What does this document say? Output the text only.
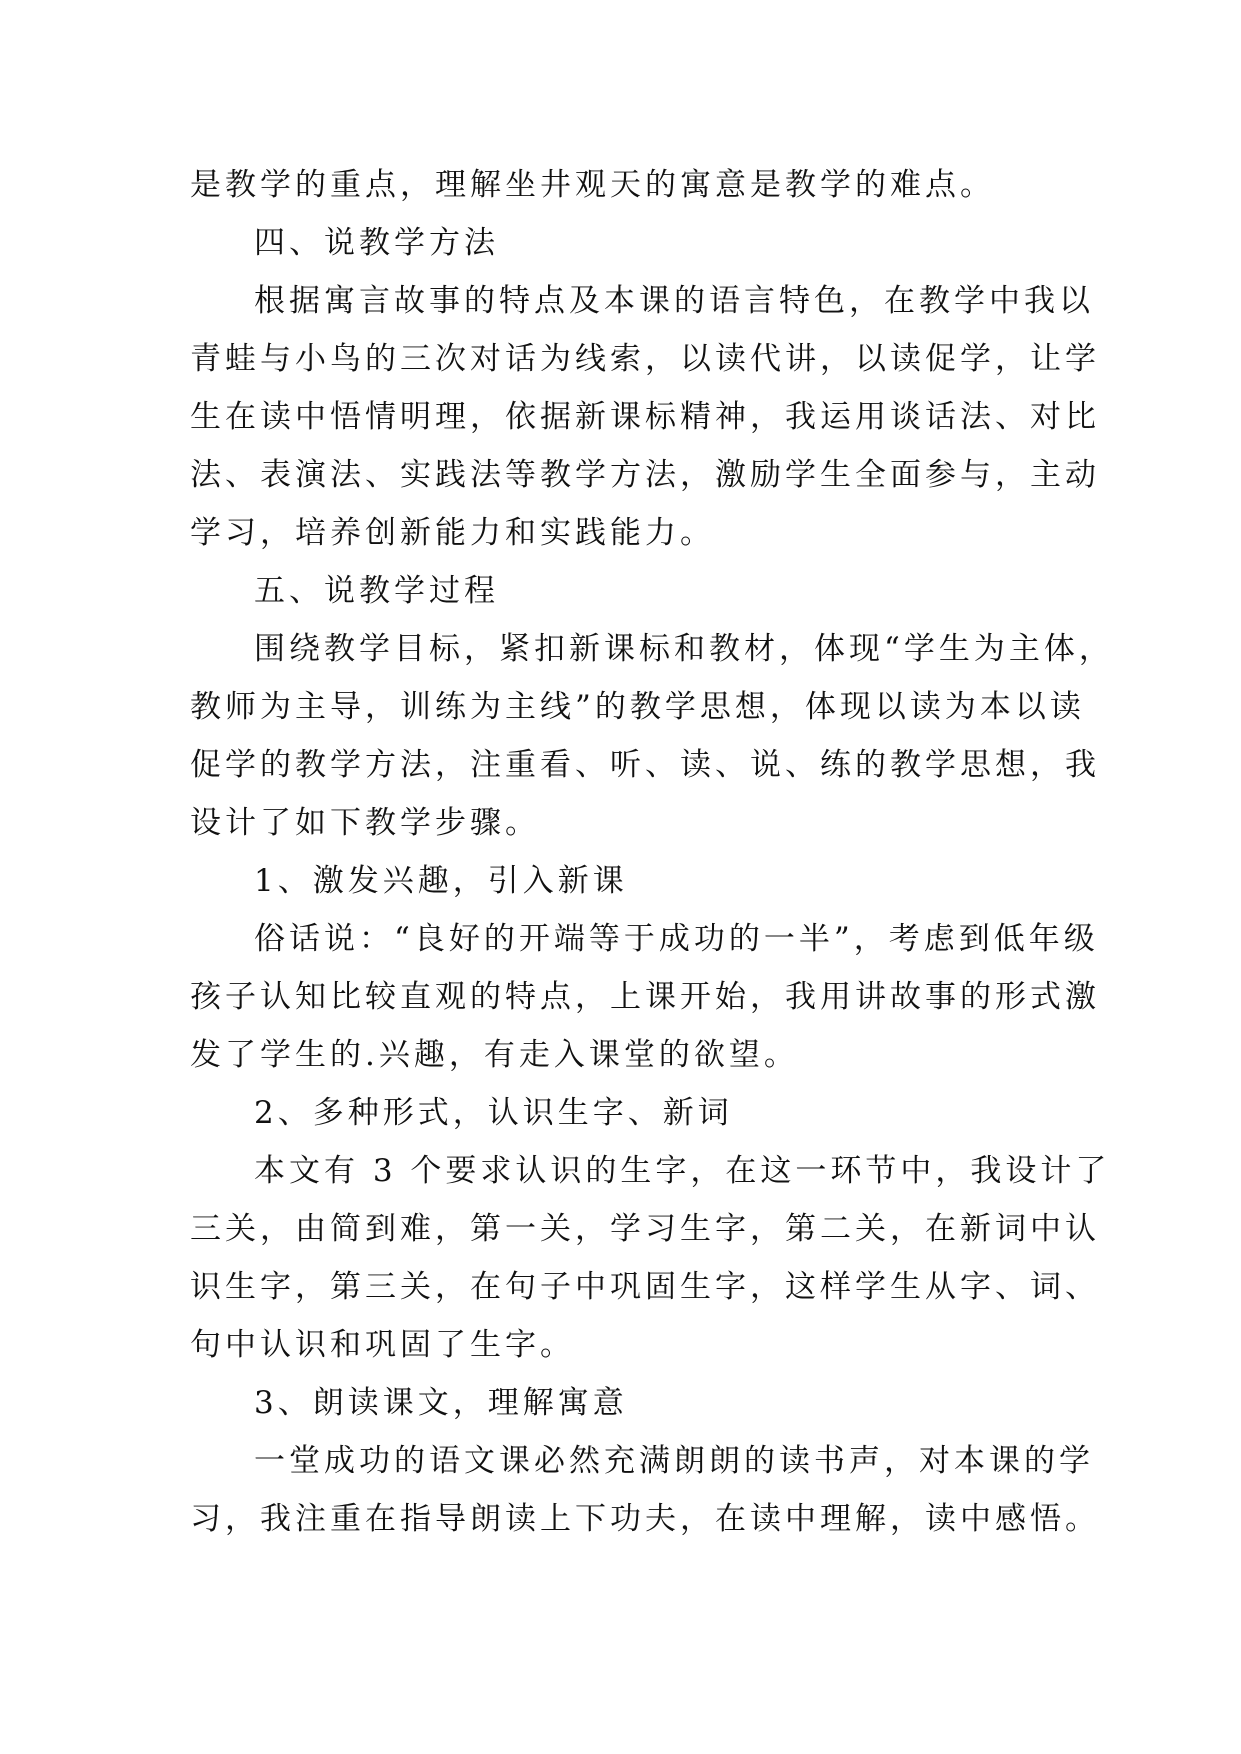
是教学的重点，理解坐井观天的寓意是教学的难点。
四、说教学方法
根据寓言故事的特点及本课的语言特色，在教学中我以
青蛙与小鸟的三次对话为线索，以读代讲，以读促学，让学
生在读中悟情明理，依据新课标精神，我运用谈话法、对比
法、表演法、实践法等教学方法，激励学生全面参与，主动
学习，培养创新能力和实践能力。
五、说教学过程
围绕教学目标，紧扣新课标和教材，体现“学生为主体，
教师为主导，训练为主线”的教学思想，体现以读为本以读
促学的教学方法，注重看、听、读、说、练的教学思想，我
设计了如下教学步骤。
1、激发兴趣，引入新课
俗话说：“良好的开端等于成功的一半”，考虑到低年级
孩子认知比较直观的特点，上课开始，我用讲故事的形式激
发了学生的.兴趣，有走入课堂的欲望。
2、多种形式，认识生字、新词
本文有 3 个要求认识的生字，在这一环节中，我设计了
三关，由简到难，第一关，学习生字，第二关，在新词中认
识生字，第三关，在句子中巩固生字，这样学生从字、词、
句中认识和巩固了生字。
3、朗读课文，理解寓意
一堂成功的语文课必然充满朗朗的读书声，对本课的学
习，我注重在指导朗读上下功夫，在读中理解，读中感悟。
